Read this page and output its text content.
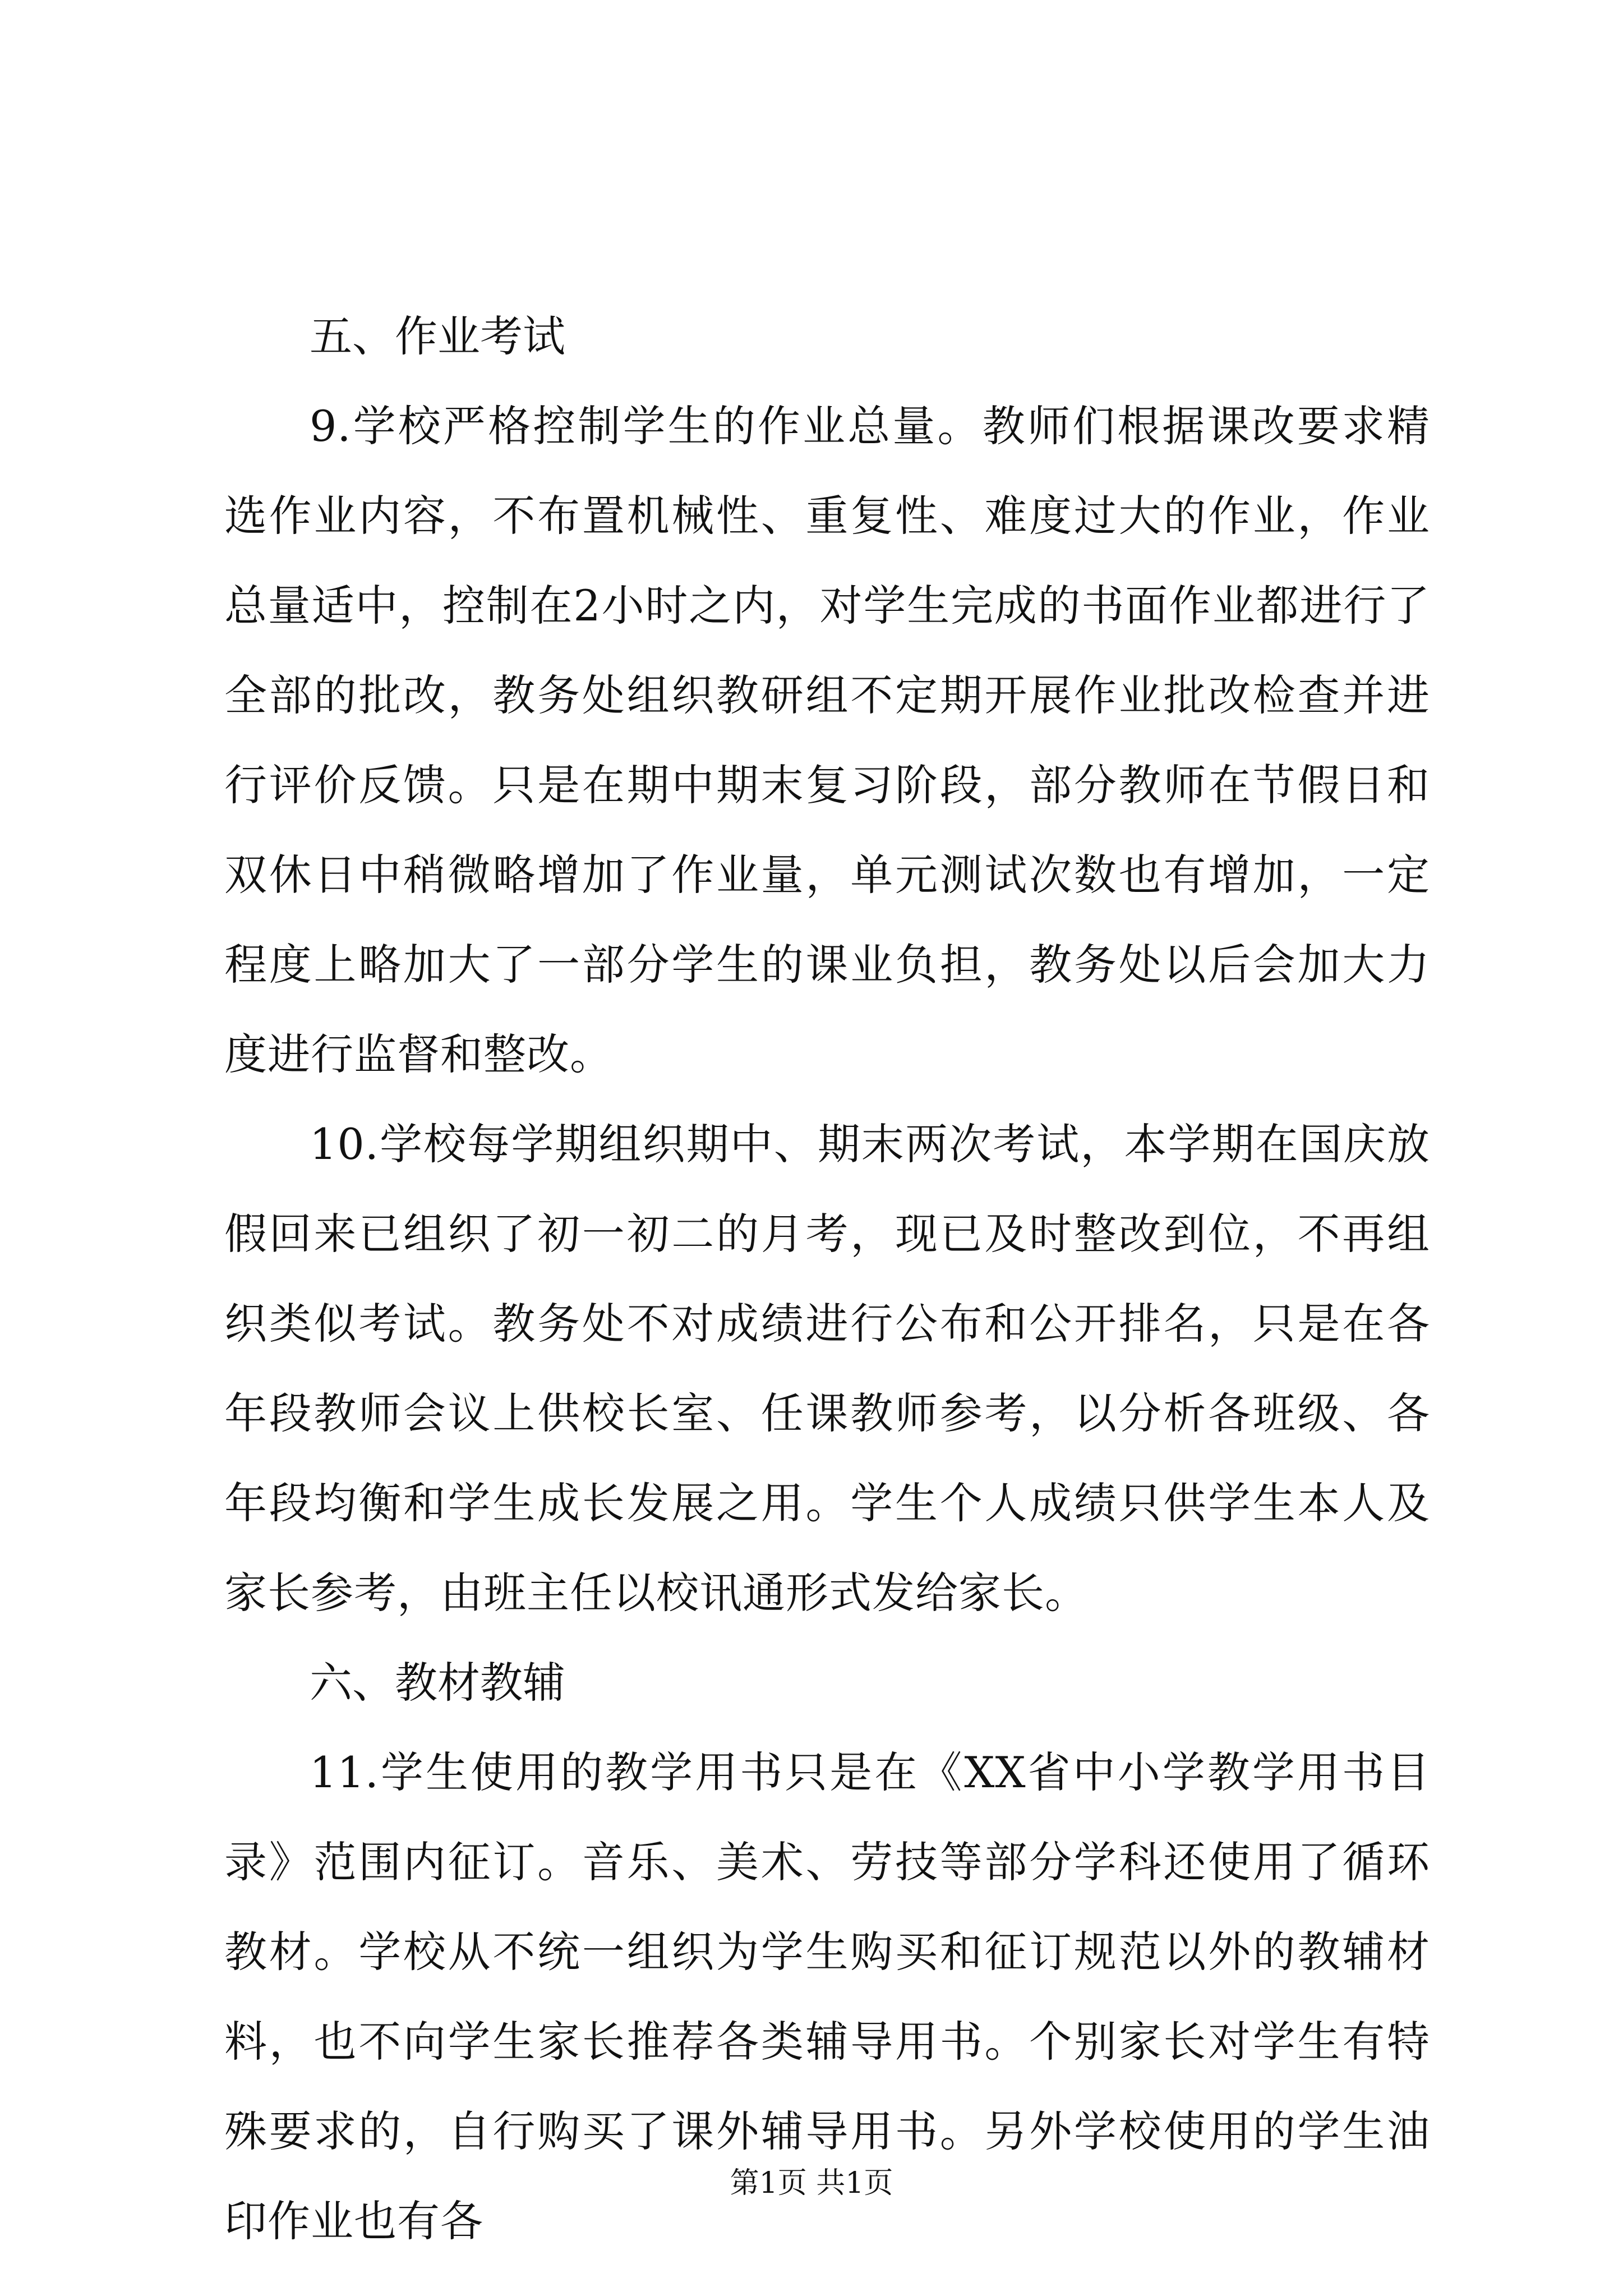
五、作业考试

9.学校严格控制学生的作业总量。教师们根据课改要求精选作业内容，不布置机械性、重复性、难度过大的作业，作业总量适中，控制在2小时之内，对学生完成的书面作业都进行了全部的批改，教务处组织教研组不定期开展作业批改检查并进行评价反馈。只是在期中期末复习阶段，部分教师在节假日和双休日中稍微略增加了作业量，单元测试次数也有增加，一定程度上略加大了一部分学生的课业负担，教务处以后会加大力度进行监督和整改。

10.学校每学期组织期中、期末两次考试，本学期在国庆放假回来已组织了初一初二的月考，现已及时整改到位，不再组织类似考试。教务处不对成绩进行公布和公开排名，只是在各年段教师会议上供校长室、任课教师参考，以分析各班级、各年段均衡和学生成长发展之用。学生个人成绩只供学生本人及家长参考，由班主任以校讯通形式发给家长。

六、教材教辅

11.学生使用的教学用书只是在《XX省中小学教学用书目录》范围内征订。音乐、美术、劳技等部分学科还使用了循环教材。学校从不统一组织为学生购买和征订规范以外的教辅材料，也不向学生家长推荐各类辅导用书。个别家长对学生有特殊要求的，自行购买了课外辅导用书。另外学校使用的学生油印作业也有各

第1页 共1页
